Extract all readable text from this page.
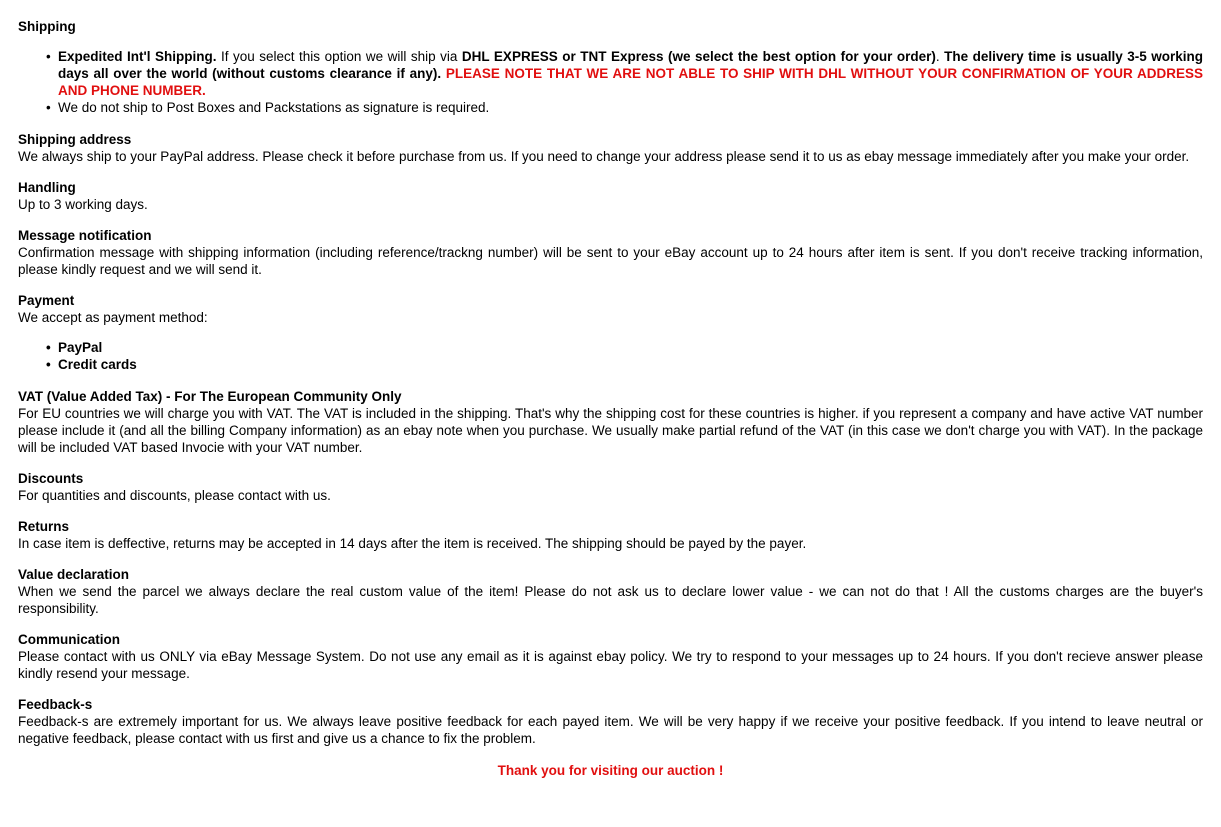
Shipping
• Expedited Int'l Shipping. If you select this option we will ship via DHL EXPRESS or TNT Express (we select the best option for your order). The delivery time is usually 3-5 working days all over the world (without customs clearance if any). PLEASE NOTE THAT WE ARE NOT ABLE TO SHIP WITH DHL WITHOUT YOUR CONFIRMATION OF YOUR ADDRESS AND PHONE NUMBER.
• We do not ship to Post Boxes and Packstations as signature is required.
Shipping address
We always ship to your PayPal address. Please check it before purchase from us. If you need to change your address please send it to us as ebay message immediately after you make your order.
Handling
Up to 3 working days.
Message notification
Confirmation message with shipping information (including reference/trackng number) will be sent to your eBay account up to 24 hours after item is sent. If you don't receive tracking information, please kindly request and we will send it.
Payment
We accept as payment method:
• PayPal
• Credit cards
VAT (Value Added Tax) - For The European Community Only
For EU countries we will charge you with VAT. The VAT is included in the shipping. That's why the shipping cost for these countries is higher. if you represent a company and have active VAT number please include it (and all the billing Company information) as an ebay note when you purchase. We usually make partial refund of the VAT (in this case we don't charge you with VAT). In the package will be included VAT based Invocie with your VAT number.
Discounts
For quantities and discounts, please contact with us.
Returns
In case item is deffective, returns may be accepted in 14 days after the item is received. The shipping should be payed by the payer.
Value declaration
When we send the parcel we always declare the real custom value of the item! Please do not ask us to declare lower value - we can not do that ! All the customs charges are the buyer's responsibility.
Communication
Please contact with us ONLY via eBay Message System. Do not use any email as it is against ebay policy. We try to respond to your messages up to 24 hours. If you don't recieve answer please kindly resend your message.
Feedback-s
Feedback-s are extremely important for us. We always leave positive feedback for each payed item. We will be very happy if we receive your positive feedback. If you intend to leave neutral or negative feedback, please contact with us first and give us a chance to fix the problem.
Thank you for visiting our auction !
